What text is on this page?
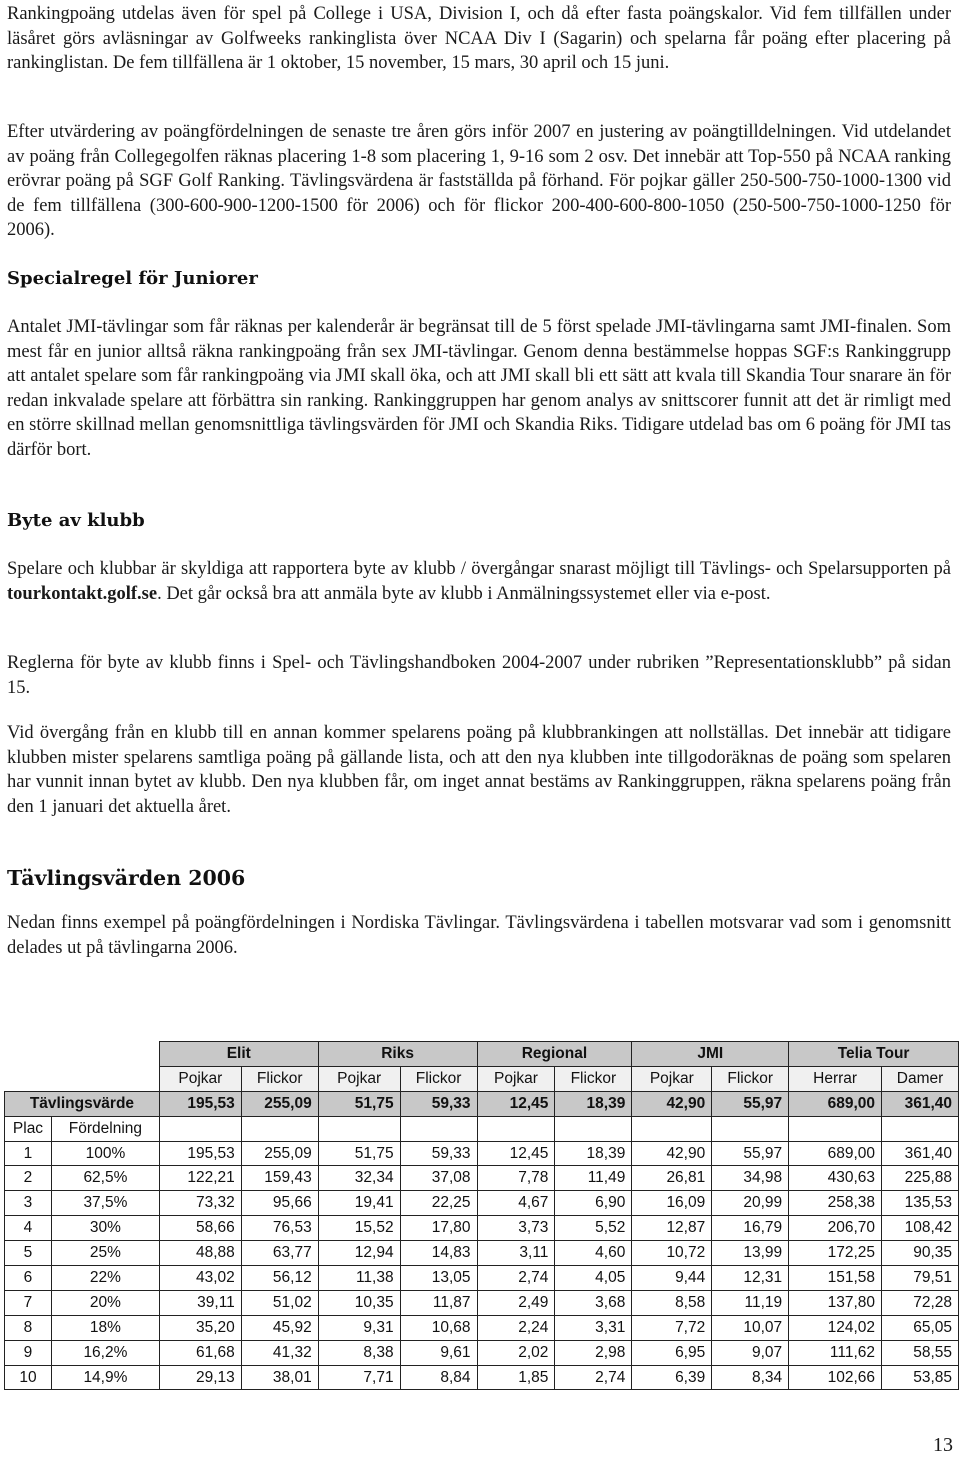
Rankingpoäng utdelas även för spel på College i USA, Division I, och då efter fasta poängskalor. Vid fem tillfällen under läsåret görs avläsningar av Golfweeks rankinglista över NCAA Div I (Sagarin) och spelarna får poäng efter placering på rankinglistan. De fem tillfällena är 1 oktober, 15 november, 15 mars, 30 april och 15 juni.
Efter utvärdering av poängfördelningen de senaste tre åren görs inför 2007 en justering av poängtilldelningen. Vid utdelandet av poäng från Collegegolfen räknas placering 1-8 som placering 1, 9-16 som 2 osv. Det innebär att Top-550 på NCAA ranking erövrar poäng på SGF Golf Ranking. Tävlingsvärdena är fastställda på förhand. För pojkar gäller 250-500-750-1000-1300 vid de fem tillfällena (300-600-900-1200-1500 för 2006) och för flickor 200-400-600-800-1050 (250-500-750-1000-1250 för 2006).
Specialregel för Juniorer
Antalet JMI-tävlingar som får räknas per kalenderår är begränsat till de 5 först spelade JMI-tävlingarna samt JMI-finalen. Som mest får en junior alltså räkna rankingpoäng från sex JMI-tävlingar. Genom denna bestämmelse hoppas SGF:s Rankinggrupp att antalet spelare som får rankingpoäng via JMI skall öka, och att JMI skall bli ett sätt att kvala till Skandia Tour snarare än för redan inkvalade spelare att förbättra sin ranking. Rankinggruppen har genom analys av snittscorer funnit att det är rimligt med en större skillnad mellan genomsnittliga tävlingsvärden för JMI och Skandia Riks. Tidigare utdelad bas om 6 poäng för JMI tas därför bort.
Byte av klubb
Spelare och klubbar är skyldiga att rapportera byte av klubb / övergångar snarast möjligt till Tävlings- och Spelarsupporten på tourkontakt.golf.se. Det går också bra att anmäla byte av klubb i Anmälningssystemet eller via e-post.
Reglerna för byte av klubb finns i Spel- och Tävlingshandboken 2004-2007 under rubriken ”Representationsklubb” på sidan 15.
Vid övergång från en klubb till en annan kommer spelarens poäng på klubbrankingen att nollställas. Det innebär att tidigare klubben mister spelarens samtliga poäng på gällande lista, och att den nya klubben inte tillgodoräknas de poäng som spelaren har vunnit innan bytet av klubb. Den nya klubben får, om inget annat bestäms av Rankinggruppen, räkna spelarens poäng från den 1 januari det aktuella året.
Tävlingsvärden 2006
Nedan finns exempel på poängfördelningen i Nordiska Tävlingar. Tävlingsvärdena i tabellen motsvarar vad som i genomsnitt delades ut på tävlingarna 2006.
		Elit		Riks		Regional		JMI		Telia Tour	
		Pojkar	Flickor	Pojkar	Flickor	Pojkar	Flickor	Pojkar	Flickor	Herrar	Damer
Tävlingsvärde		195,53	255,09	51,75	59,33	12,45	18,39	42,90	55,97	689,00	361,40
Plac	Fördelning										
1	100%	195,53	255,09	51,75	59,33	12,45	18,39	42,90	55,97	689,00	361,40
2	62,5%	122,21	159,43	32,34	37,08	7,78	11,49	26,81	34,98	430,63	225,88
3	37,5%	73,32	95,66	19,41	22,25	4,67	6,90	16,09	20,99	258,38	135,53
4	30%	58,66	76,53	15,52	17,80	3,73	5,52	12,87	16,79	206,70	108,42
5	25%	48,88	63,77	12,94	14,83	3,11	4,60	10,72	13,99	172,25	90,35
6	22%	43,02	56,12	11,38	13,05	2,74	4,05	9,44	12,31	151,58	79,51
7	20%	39,11	51,02	10,35	11,87	2,49	3,68	8,58	11,19	137,80	72,28
8	18%	35,20	45,92	9,31	10,68	2,24	3,31	7,72	10,07	124,02	65,05
9	16,2%	61,68	41,32	8,38	9,61	2,02	2,98	6,95	9,07	111,62	58,55
10	14,9%	29,13	38,01	7,71	8,84	1,85	2,74	6,39	8,34	102,66	53,85
13
